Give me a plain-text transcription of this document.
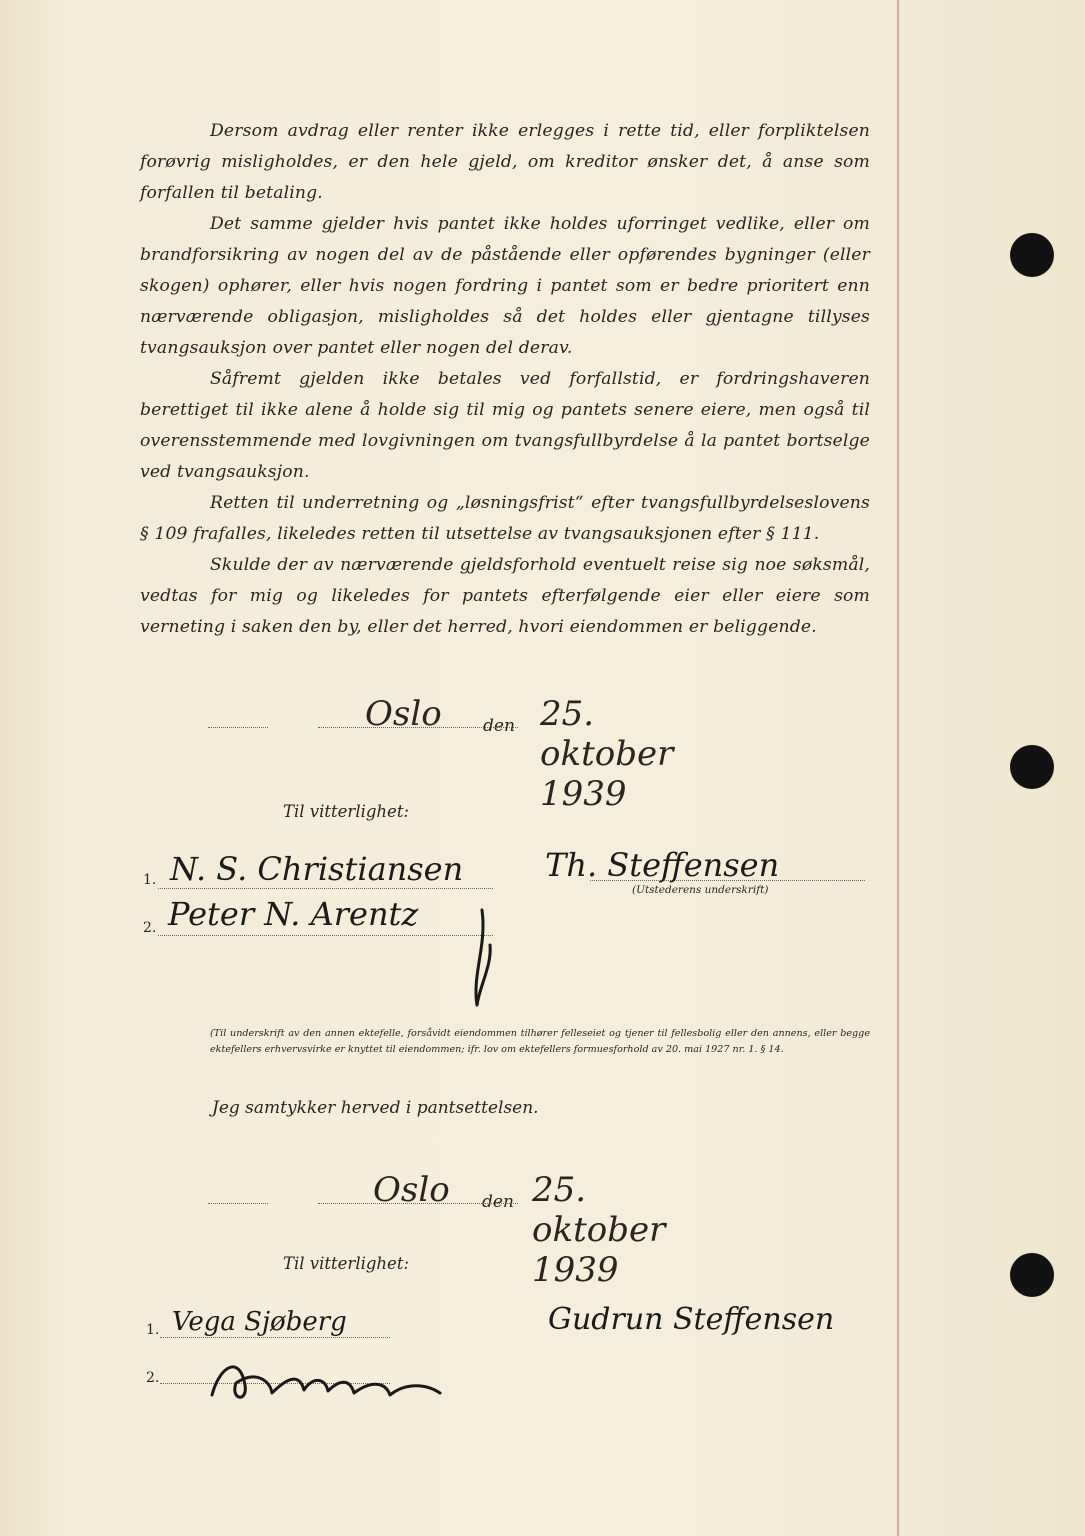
Dersom avdrag eller renter ikke erlegges i rette tid, eller forpliktelsen forøvrig misligholdes, er den hele gjeld, om kreditor ønsker det, å anse som forfallen til betaling.

Det samme gjelder hvis pantet ikke holdes uforringet vedlike, eller om brandforsikring av nogen del av de påstående eller opførendes bygninger (eller skogen) ophører, eller hvis nogen fordring i pantet som er bedre prioritert enn nærværende obligasjon, misligholdes så det holdes eller gjentagne tillyses tvangsauksjon over pantet eller nogen del derav.

Såfremt gjelden ikke betales ved forfallstid, er fordringshaveren berettiget til ikke alene å holde sig til mig og pantets senere eiere, men også til overensstemmende med lovgivningen om tvangsfullbyrdelse å la pantet bortselge ved tvangsauksjon.

Retten til underretning og „løsningsfrist“ efter tvangsfullbyrdelseslovens § 109 frafalles, likeledes retten til utsettelse av tvangsauksjonen efter § 111.

Skulde der av nærværende gjeldsforhold eventuelt reise sig noe søksmål, vedtas for mig og likeledes for pantets efterfølgende eier eller eiere som verneting i saken den by, eller det herred, hvori eiendommen er beliggende.

Oslo den 25. oktober 1939
Til vitterlighet:
1.
2.
N. S. Christiansen
Peter N. Arentz
Th. Steffensen
(Utstederens underskrift)
(Til underskrift av den annen ektefelle, forsåvidt eiendommen tilhører felleseiet og tjener til fellesbolig eller den annens, eller begge ektefellers erhvervsvirke er knyttet til eiendommen; ifr. lov om ektefellers formuesforhold av 20. mai 1927 nr. 1. § 14.
Jeg samtykker herved i pantsettelsen.
Oslo den 25. oktober 1939
Til vitterlighet:
1.
2.
Vega Sjøberg	Gudrun Steffensen
